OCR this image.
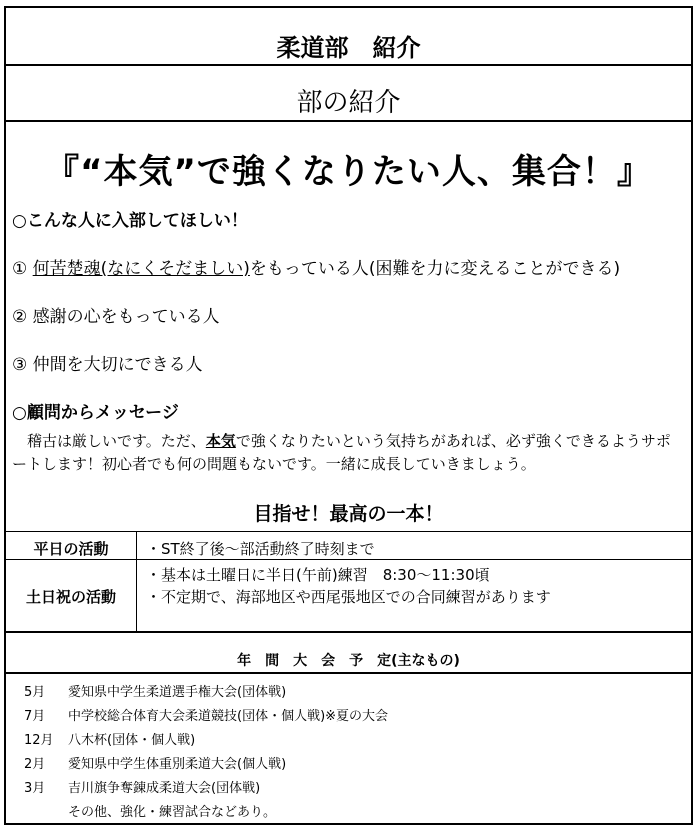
柔道部　紹介
部の紹介
『“本気”で強くなりたい人、集合！』
○こんな人に入部してほしい！
① 何苦楚魂(なにくそだましい)をもっている人(困難を力に変えることができる)
② 感謝の心をもっている人
③ 仲間を大切にできる人
○顧問からメッセージ
　稽古は厳しいです。ただ、本気で強くなりたいという気持ちがあれば、必ず強くできるようサポートします！初心者でも何の問題もないです。一緒に成長していきましょう。
目指せ！最高の一本！
平日の活動	・ST終了後～部活動終了時刻まで
土日祝の活動
・基本は土曜日に半日(午前)練習　8:30～11:30頃
・不定期で、海部地区や西尾張地区での合同練習があります
年　間　大　会　予　定(主なもの)
5月 愛知県中学生柔道選手権大会(団体戦)
7月 中学校総合体育大会柔道競技(団体・個人戦)※夏の大会
12月 八木杯(団体・個人戦)
2月 愛知県中学生体重別柔道大会(個人戦)
3月 吉川旗争奪錬成柔道大会(団体戦)
その他、強化・練習試合などあり。
